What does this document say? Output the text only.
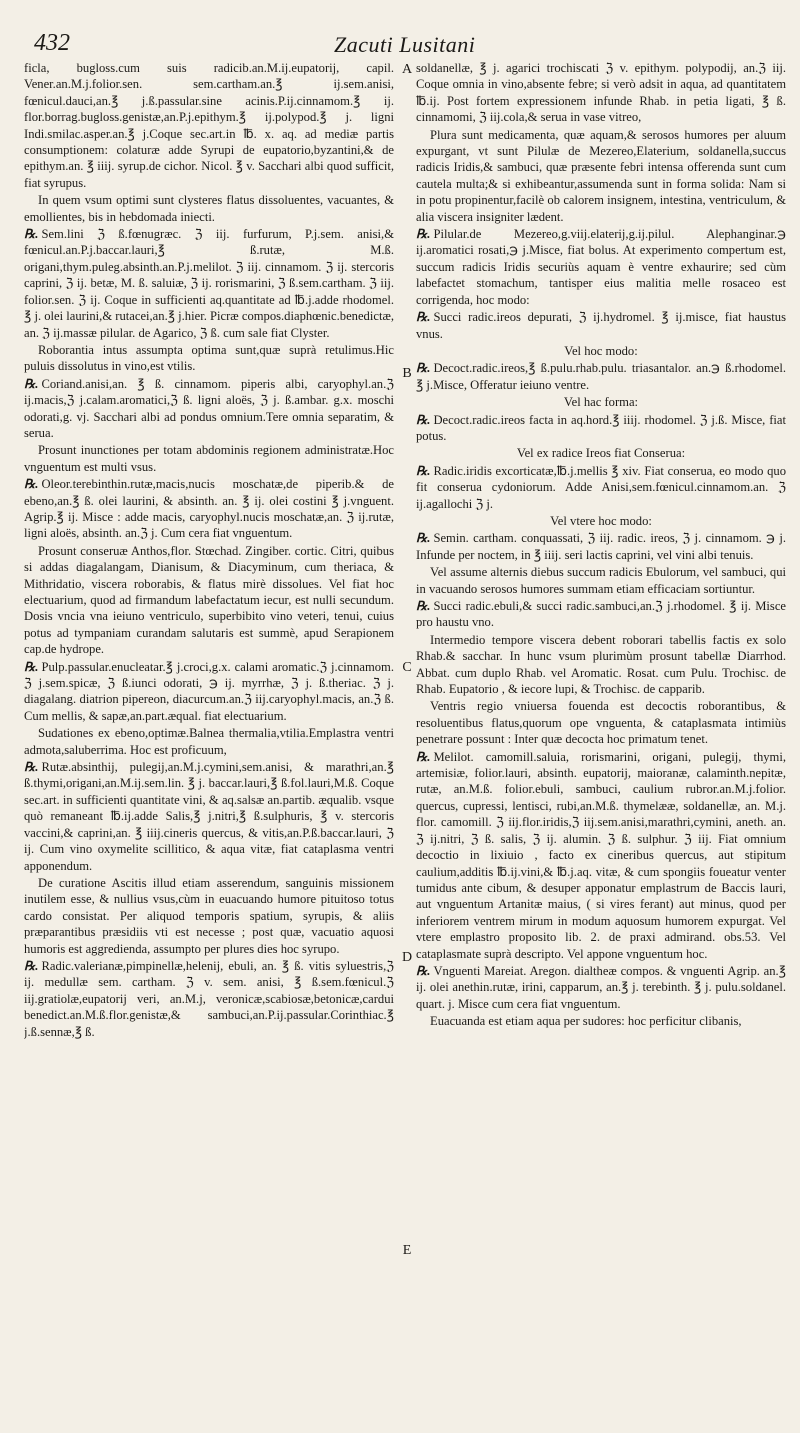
432	Zacuti Lusitani

ficla, bugloss.cum suis radicib.an.M.ij.eupatorij, capil. Vener.an.M.j.folior.sen. sem.cartham.an.℥ ij.sem.anisi, fœnicul.dauci,an.℥ j.ß.passular.sine acinis.P.ij.cinnamom.℥ ij. flor.borrag.bugloss.genistæ,an.P.j.epithym.℥ ij.polypod.℥ j. ligni Indi.smilac.asper.an.℥ j.Coque sec.art.in ℔. x. aq. ad mediæ partis consumptionem: colaturæ adde Syrupi de eupatorio,byzantini,& de epithym.an. ℥ iiij. syrup.de cichor. Nicol. ℥ v. Sacchari albi quod sufficit, fiat syrupus.

In quem vsum optimi sunt clysteres flatus dissoluentes, vacuantes, & emollientes, bis in hebdomada iniecti.

℞. Sem.lini ℨ ß.fœnugræc. ℨ iij. furfurum, P.j.sem. anisi,& fœnicul.an.P.j.baccar.lauri,℥ ß.rutæ, M.ß. origani,thym.puleg.absinth.an.P.j.melilot. ℨ iij. cinnamom. ℨ ij. stercoris caprini, ℨ ij. betæ, M. ß. saluiæ, ℨ ij. rorismarini, ℨ ß.sem.cartham. ℨ iij. folior.sen. ℨ ij. Coque in sufficienti aq.quantitate ad ℔.j.adde rhodomel. ℥ j. olei laurini,& rutacei,an.℥ j.hier. Picræ compos.diaphœnic.benedictæ, an. ℨ ij.massæ pilular. de Agarico, ℨ ß. cum sale fiat Clyster.

Roborantia intus assumpta optima sunt,quæ suprà retulimus.Hic puluis dissolutus in vino,est vtilis.

℞. Coriand.anisi,an. ℥ ß. cinnamom. piperis albi, caryophyl.an.ℨ ij.macis,ℨ j.calam.aromatici,ℨ ß. ligni aloës, ℨ j. ß.ambar. g.x. moschi odorati,g. vj. Sacchari albi ad pondus omnium.Tere omnia separatim, & serua.

Prosunt inunctiones per totam abdominis regionem administratæ.Hoc vnguentum est multi vsus.

℞. Oleor.terebinthin.rutæ,macis,nucis moschatæ,de piperib.& de ebeno,an.℥ ß. olei laurini, & absinth. an. ℥ ij. olei costini ℥ j.vnguent. Agrip.℥ ij. Misce : adde macis, caryophyl.nucis moschatæ,an. ℨ ij.rutæ, ligni aloës, absinth. an.ℨ j. Cum cera fiat vnguentum.

Prosunt conseruæ Anthos,flor. Stœchad. Zingiber. cortic. Citri, quibus si addas diagalangam, Dianisum, & Diacyminum, cum theriaca, & Mithridatio, viscera roborabis, & flatus mirè dissolues. Vel fiat hoc electuarium, quod ad firmandum labefactatum iecur, est nulli secundum. Dosis vncia vna ieiuno ventriculo, superbibito vino veteri, tenui, cuius potus ad tympaniam curandam salutaris est summè, apud Serapionem cap.de hydrope.

℞. Pulp.passular.enucleatar.℥ j.croci,g.x. calami aromatic.ℨ j.cinnamom. ℨ j.sem.spicæ, ℨ ß.iunci odorati, ℈ ij. myrrhæ, ℨ j. ß.theriac. ℨ j. diagalang. diatrion pipereon, diacurcum.an.ℨ iij.caryophyl.macis, an.ℨ ß. Cum mellis, & sapæ,an.part.æqual. fiat electuarium.

Sudationes ex ebeno,optimæ.Balnea thermalia,vtilia.Emplastra ventri admota,saluberrima. Hoc est proficuum,

℞. Rutæ.absinthij, pulegij,an.M.j.cymini,sem.anisi, & marathri,an.℥ ß.thymi,origani,an.M.ij.sem.lin. ℥ j. baccar.lauri,℥ ß.fol.lauri,M.ß. Coque sec.art. in sufficienti quantitate vini, & aq.salsæ an.partib. æqualib. vsque quò remaneant ℔.ij.adde Salis,℥ j.nitri,℥ ß.sulphuris, ℥ v. stercoris vaccini,& caprini,an. ℥ iiij.cineris quercus, & vitis,an.P.ß.baccar.lauri, ℨ ij. Cum vino oxymelite scillitico, & aqua vitæ, fiat cataplasma ventri apponendum.

De curatione Ascitis illud etiam asserendum, sanguinis missionem inutilem esse, & nullius vsus,cùm in euacuando humore pituitoso totus cardo consistat. Per aliquod temporis spatium, syrupis, & aliis præparantibus præsidiis vti est necesse ; post quæ, vacuatio aquosi humoris est aggredienda, assumpto per plures dies hoc syrupo.

℞. Radic.valerianæ,pimpinellæ,helenij, ebuli, an. ℥ ß. vitis syluestris,ℨ ij. medullæ sem. cartham. ℨ v. sem. anisi, ℥ ß.sem.fœnicul.ℨ iij.gratiolæ,eupatorij veri, an.M.j, veronicæ,scabiosæ,betonicæ,cardui benedict.an.M.ß.flor.genistæ,& sambuci,an.P.ij.passular.Corinthiac.℥ j.ß.sennæ,℥ ß.

A
B
C
D
E

soldanellæ, ℥ j. agarici trochiscati ℨ v. epithym. polypodij, an.ℨ iij. Coque omnia in vino,absente febre; si verò adsit in aqua, ad quantitatem ℔.ij. Post fortem expressionem infunde Rhab. in petia ligati, ℥ ß. cinnamomi, ℨ iij.cola,& serua in vase vitreo,

Plura sunt medicamenta, quæ aquam,& serosos humores per aluum expurgant, vt sunt Pilulæ de Mezereo,Elaterium, soldanella,succus radicis Iridis,& sambuci, quæ præsente febri intensa offerenda sunt cum cautela multa;& si exhibeantur,assumenda sunt in forma solida: Nam si in potu propinentur,facilè ob calorem insignem, intestina, ventriculum, & alia viscera insigniter lædent.

℞. Pilular.de Mezereo,g.viij.elaterij,g.ij.pilul. Alephanginar.℈ ij.aromatici rosati,℈ j.Misce, fiat bolus. At experimento compertum est, succum radicis Iridis securiùs aquam è ventre exhaurire; sed cùm labefactet stomachum, tantisper eius malitia melle rosaceo est corrigenda, hoc modo:

℞. Succi radic.ireos depurati, ℨ ij.hydromel. ℥ ij.misce, fiat haustus vnus.

Vel hoc modo:

℞. Decoct.radic.ireos,℥ ß.pulu.rhab.pulu. triasantalor. an.℈ ß.rhodomel. ℥ j.Misce, Offeratur ieiuno ventre.

Vel hac forma:

℞. Decoct.radic.ireos facta in aq.hord.℥ iiij. rhodomel. ℨ j.ß. Misce, fiat potus.

Vel ex radice Ireos fiat Conserua:

℞. Radic.iridis excorticatæ,℔.j.mellis ℥ xiv. Fiat conserua, eo modo quo fit conserua cydoniorum. Adde Anisi,sem.fœnicul.cinnamom.an. ℨ ij.agallochi ℨ j.

Vel vtere hoc modo:

℞. Semin. cartham. conquassati, ℨ iij. radic. ireos, ℨ j. cinnamom. ℈ j. Infunde per noctem, in ℥ iiij. seri lactis caprini, vel vini albi tenuis.

Vel assume alternis diebus succum radicis Ebulorum, vel sambuci, qui in vacuando serosos humores summam etiam efficaciam sortiuntur.

℞. Succi radic.ebuli,& succi radic.sambuci,an.ℨ j.rhodomel. ℥ ij. Misce pro haustu vno.

Intermedio tempore viscera debent roborari tabellis factis ex solo Rhab.& sacchar. In hunc vsum plurimùm prosunt tabellæ Diarrhod. Abbat. cum duplo Rhab. vel Aromatic. Rosat. cum Pulu. Trochisc. de Rhab. Eupatorio , & iecore lupi, & Trochisc. de capparib.

Ventris regio vniuersa fouenda est decoctis roborantibus, & resoluentibus flatus,quorum ope vnguenta, & cataplasmata intimiùs penetrare possunt : Inter quæ decocta hoc primatum tenet.

℞. Melilot. camomill.saluia, rorismarini, origani, pulegij, thymi, artemisiæ, folior.lauri, absinth. eupatorij, maioranæ, calaminth.nepitæ, rutæ, an.M.ß. folior.ebuli, sambuci, caulium rubror.an.M.j.folior. quercus, cupressi, lentisci, rubi,an.M.ß. thymelææ, soldanellæ, an. M.j. flor. camomill. ℨ iij.flor.iridis,ℨ iij.sem.anisi,marathri,cymini, aneth. an. ℨ ij.nitri, ℨ ß. salis, ℨ ij. alumin. ℨ ß. sulphur. ℨ iij. Fiat omnium decoctio in lixiuio , facto ex cineribus quercus, aut stipitum caulium,additis ℔.ij.vini,& ℔.j.aq. vitæ, & cum spongiis foueatur venter tumidus ante cibum, & desuper apponatur emplastrum de Baccis lauri, aut vnguentum Artanitæ maius, ( si vires ferant) aut minus, quod per inferiorem ventrem mirum in modum aquosum humorem expurgat. Vel vtere emplastro proposito lib. 2. de praxi admirand. obs.53. Vel cataplasmate suprà descripto. Vel appone vnguentum hoc.

℞. Vnguenti Mareiat. Aregon. dialtheæ compos. & vnguenti Agrip. an.℥ ij. olei anethin.rutæ, irini, capparum, an.℥ j. terebinth. ℥ j. pulu.soldanel. quart. j. Misce cum cera fiat vnguentum.

Euacuanda est etiam aqua per sudores: hoc perficitur clibanis,
